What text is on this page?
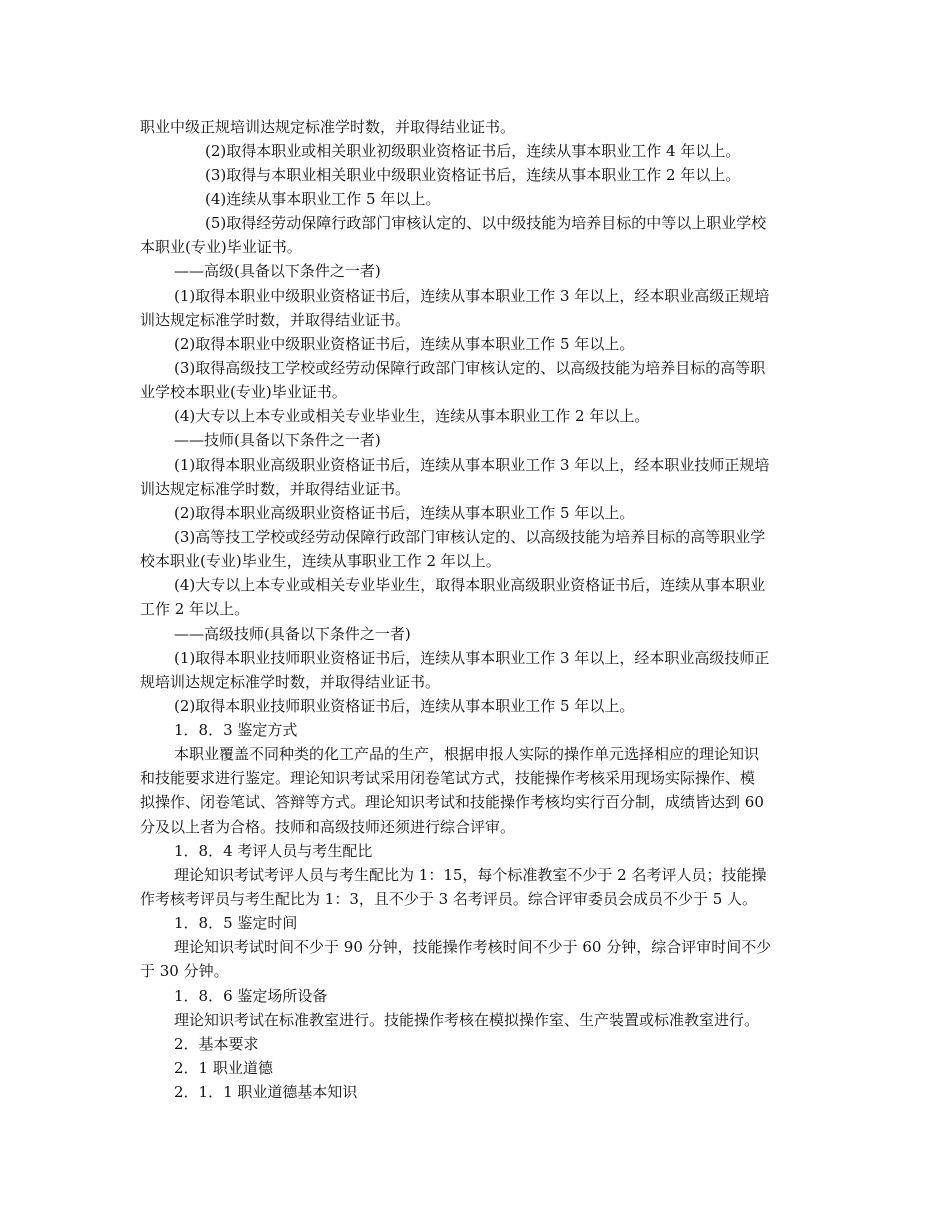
职业中级正规培训达规定标准学时数，并取得结业证书。
(2)取得本职业或相关职业初级职业资格证书后，连续从事本职业工作 4 年以上。
(3)取得与本职业相关职业中级职业资格证书后，连续从事本职业工作 2 年以上。
(4)连续从事本职业工作 5 年以上。
(5)取得经劳动保障行政部门审核认定的、以中级技能为培养目标的中等以上职业学校
本职业(专业)毕业证书。
——高级(具备以下条件之一者)
(1)取得本职业中级职业资格证书后，连续从事本职业工作 3 年以上，经本职业高级正规培
训达规定标准学时数，并取得结业证书。
(2)取得本职业中级职业资格证书后，连续从事本职业工作 5 年以上。
(3)取得高级技工学校或经劳动保障行政部门审核认定的、以高级技能为培养目标的高等职
业学校本职业(专业)毕业证书。
(4)大专以上本专业或相关专业毕业生，连续从事本职业工作 2 年以上。
——技师(具备以下条件之一者)
(1)取得本职业高级职业资格证书后，连续从事本职业工作 3 年以上，经本职业技师正规培
训达规定标准学时数，并取得结业证书。
(2)取得本职业高级职业资格证书后，连续从事本职业工作 5 年以上。
(3)高等技工学校或经劳动保障行政部门审核认定的、以高级技能为培养目标的高等职业学
校本职业(专业)毕业生，连续从事职业工作 2 年以上。
(4)大专以上本专业或相关专业毕业生，取得本职业高级职业资格证书后，连续从事本职业
工作 2 年以上。
——高级技师(具备以下条件之一者)
(1)取得本职业技师职业资格证书后，连续从事本职业工作 3 年以上，经本职业高级技师正
规培训达规定标准学时数，并取得结业证书。
(2)取得本职业技师职业资格证书后，连续从事本职业工作 5 年以上。
1．8．3 鉴定方式
本职业覆盖不同种类的化工产品的生产，根据申报人实际的操作单元选择相应的理论知识
和技能要求进行鉴定。理论知识考试采用闭卷笔试方式，技能操作考核采用现场实际操作、模
拟操作、闭卷笔试、答辩等方式。理论知识考试和技能操作考核均实行百分制，成绩皆达到 60
分及以上者为合格。技师和高级技师还须进行综合评审。
1．8．4 考评人员与考生配比
理论知识考试考评人员与考生配比为 1：15，每个标准教室不少于 2 名考评人员；技能操
作考核考评员与考生配比为 1：3，且不少于 3 名考评员。综合评审委员会成员不少于 5 人。
1．8．5 鉴定时间
理论知识考试时间不少于 90 分钟，技能操作考核时间不少于 60 分钟，综合评审时间不少
于 30 分钟。
1．8．6 鉴定场所设备
理论知识考试在标准教室进行。技能操作考核在模拟操作室、生产装置或标准教室进行。
2．基本要求
2．1 职业道德
2．1．1 职业道德基本知识
